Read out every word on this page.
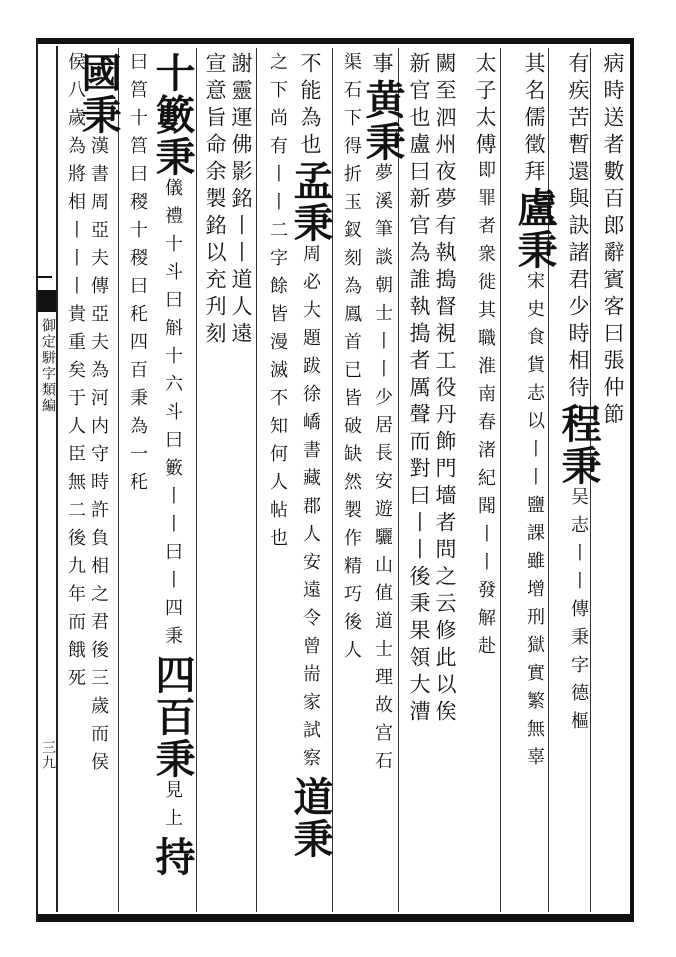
御定駢字類編
三九
病時送者數百郎辭賓客曰張仲節
有疾苦暫還與訣諸君少時相待程秉吴志丨丨傳秉字德樞
其名儒徵拜盧秉宋史食貨志以丨丨鹽課雖增刑獄實繁無辜
太子太傅即罪者衆徙其職淮南春渚紀聞丨丨發解赴
闕至泗州夜夢有執搗督視工役丹飾門墻者問之云修此以俟
新官也盧曰新官為誰執搗者厲聲而對曰丨丨後秉果領大漕
事黄秉夢溪筆談朝士丨丨少居長安遊驪山值道士理故宫石
渠石下得折玉釵刻為鳳首已皆破缺然製作精巧後人
不能為也孟秉周必大題跋徐嶠書藏郡人安遠令曾耑家試察道秉
之下尚有丨丨二字餘皆漫滅不知何人帖也
謝靈運佛影銘丨丨道人遠
宣意旨命余製銘以充刋刻
十籔秉儀禮十斗曰斛十六斗曰籔丨丨曰丨四秉四百秉見上持
曰筥十筥曰稯十稯曰秅四百秉為一秅
國秉漢書周亞夫傳亞夫為河内守時許負相之君後三歲而侯
侯八歲為將相丨丨丨貴重矣于人臣無二後九年而餓死
